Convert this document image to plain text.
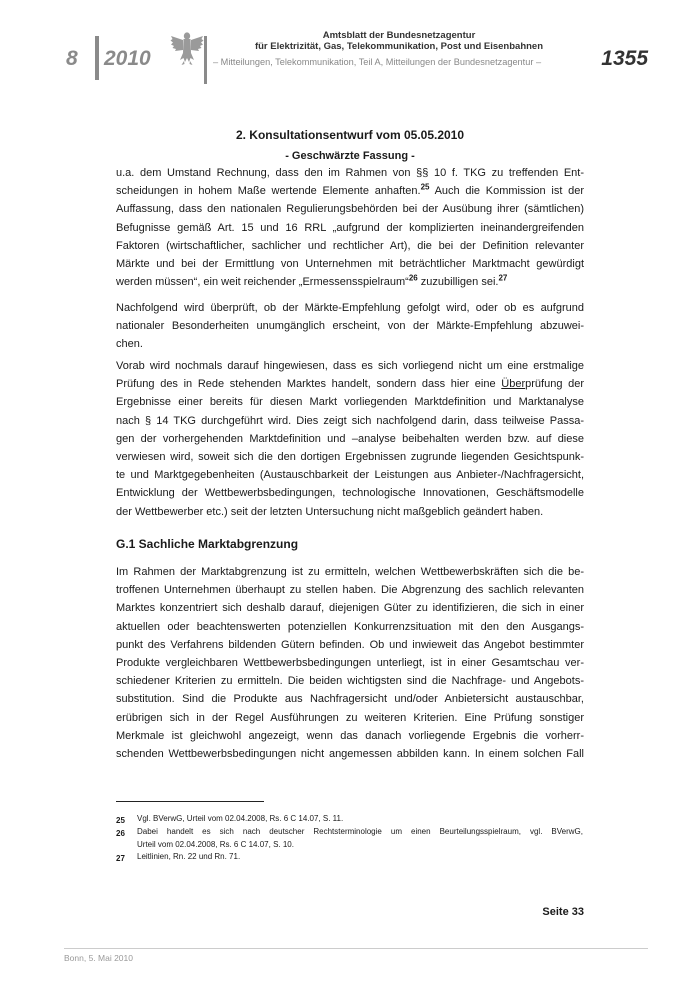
8 2010
Amtsblatt der Bundesnetzagentur
für Elektrizität, Gas, Telekommunikation, Post und Eisenbahnen
– Mitteilungen, Telekommunikation, Teil A, Mitteilungen der Bundesnetzagentur –	1355
2. Konsultationsentwurf vom 05.05.2010
- Geschwärzte Fassung -

u.a. dem Umstand Rechnung, dass den im Rahmen von §§ 10 f. TKG zu treffenden Ent-

scheidungen in hohem Maße wertende Elemente anhaften.$^{25}$ Auch die Kommission ist der

Auffassung, dass den nationalen Regulierungsbehörden bei der Ausübung ihrer (sämtlichen)

Befugnisse gemäß Art. 15 und 16 RRL „aufgrund der komplizierten ineinandergreifenden

Faktoren (wirtschaftlicher, sachlicher und rechtlicher Art), die bei der Definition relevanter

Märkte und bei der Ermittlung von Unternehmen mit beträchtlicher Marktmacht gewürdigt

werden müssen“, ein weit reichender „Ermessensspielraum“$^{26}$ zuzubilligen sei.$^{27}$

Nachfolgend wird überprüft, ob der Märkte-Empfehlung gefolgt wird, oder ob es aufgrund

nationaler Besonderheiten unumgänglich erscheint, von der Märkte-Empfehlung abzuwei-

chen.

Vorab wird nochmals darauf hingewiesen, dass es sich vorliegend nicht um eine erstmalige

Prüfung des in Rede stehenden Marktes handelt, sondern dass hier eine Überprüfung der

Ergebnisse einer bereits für diesen Markt vorliegenden Marktdefinition und Marktanalyse

nach § 14 TKG durchgeführt wird. Dies zeigt sich nachfolgend darin, dass teilweise Passa-

gen der vorhergehenden Marktdefinition und –analyse beibehalten werden bzw. auf diese

verwiesen wird, soweit sich die den dortigen Ergebnissen zugrunde liegenden Gesichtspunk-

te und Marktgegebenheiten (Austauschbarkeit der Leistungen aus Anbieter-/Nachfragersicht,

Entwicklung der Wettbewerbsbedingungen, technologische Innovationen, Geschäftsmodelle

der Wettbewerber etc.) seit der letzten Untersuchung nicht maßgeblich geändert haben.

G.1 Sachliche Marktabgrenzung

Im Rahmen der Marktabgrenzung ist zu ermitteln, welchen Wettbewerbskräften sich die be-

troffenen Unternehmen überhaupt zu stellen haben. Die Abgrenzung des sachlich relevanten

Marktes konzentriert sich deshalb darauf, diejenigen Güter zu identifizieren, die sich in einer

aktuellen oder beachtenswerten potenziellen Konkurrenzsituation mit den den Ausgangs-

punkt des Verfahrens bildenden Gütern befinden. Ob und inwieweit das Angebot bestimmter

Produkte vergleichbaren Wettbewerbsbedingungen unterliegt, ist in einer Gesamtschau ver-

schiedener Kriterien zu ermitteln. Die beiden wichtigsten sind die Nachfrage- und Angebots-

substitution. Sind die Produkte aus Nachfragersicht und/oder Anbietersicht austauschbar,

erübrigen sich in der Regel Ausführungen zu weiteren Kriterien. Eine Prüfung sonstiger

Merkmale ist gleichwohl angezeigt, wenn das danach vorliegende Ergebnis die vorherr-

schenden Wettbewerbsbedingungen nicht angemessen abbilden kann. In einem solchen Fall

25 Vgl. BVerwG, Urteil vom 02.04.2008, Rs. 6 C 14.07, S. 11.

26 Dabei handelt es sich nach deutscher Rechtsterminologie um einen Beurteilungsspielraum, vgl. BVerwG,

Urteil vom 02.04.2008, Rs. 6 C 14.07, S. 10.

27 Leitlinien, Rn. 22 und Rn. 71.

Seite 33
Bonn, 5. Mai 2010
